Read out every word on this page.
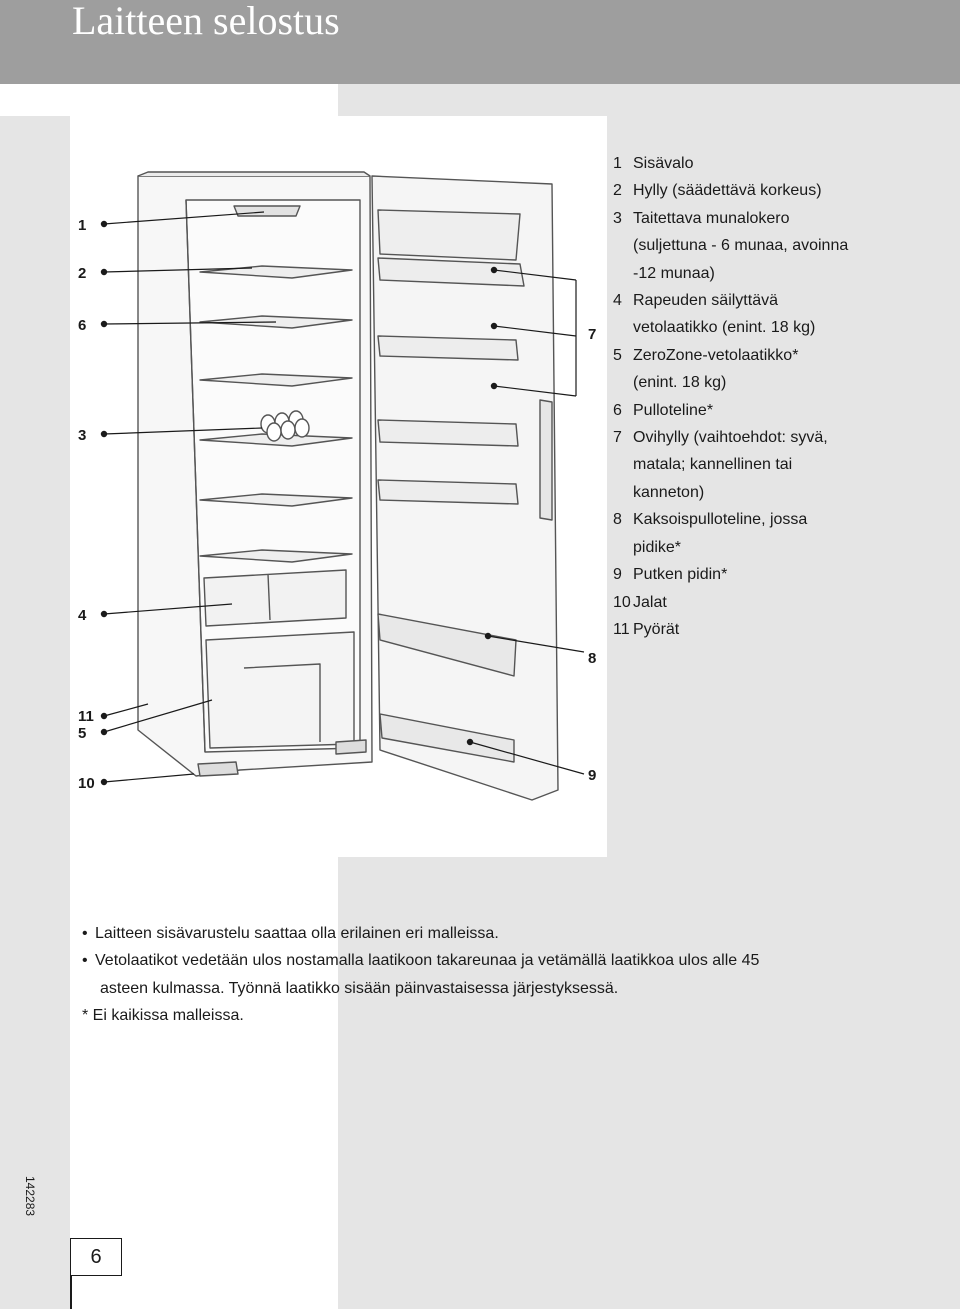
Laitteen selostus
1
2
6
3
4
11
5
10
7
8
9
1 Sisävalo
2 Hylly (säädettävä korkeus)
3 Taitettava munalokero
(suljettuna - 6 munaa, avoinna
-12 munaa)
4 Rapeuden säilyttävä
vetolaatikko (enint. 18 kg)
5 ZeroZone-vetolaatikko*
(enint. 18 kg)
6 Pulloteline*
7 Ovihylly (vaihtoehdot: syvä,
matala; kannellinen tai
kanneton)
8 Kaksoispulloteline, jossa
pidike*
9 Putken pidin*
10 Jalat
11 Pyörät
• Laitteen sisävarustelu saattaa olla erilainen eri malleissa.
• Vetolaatikot vedetään ulos nostamalla laatikoon takareunaa ja vetämällä laatikkoa ulos alle 45
asteen kulmassa. Työnnä laatikko sisään päinvastaisessa järjestyksessä.
* Ei kaikissa malleissa.
142283
6
